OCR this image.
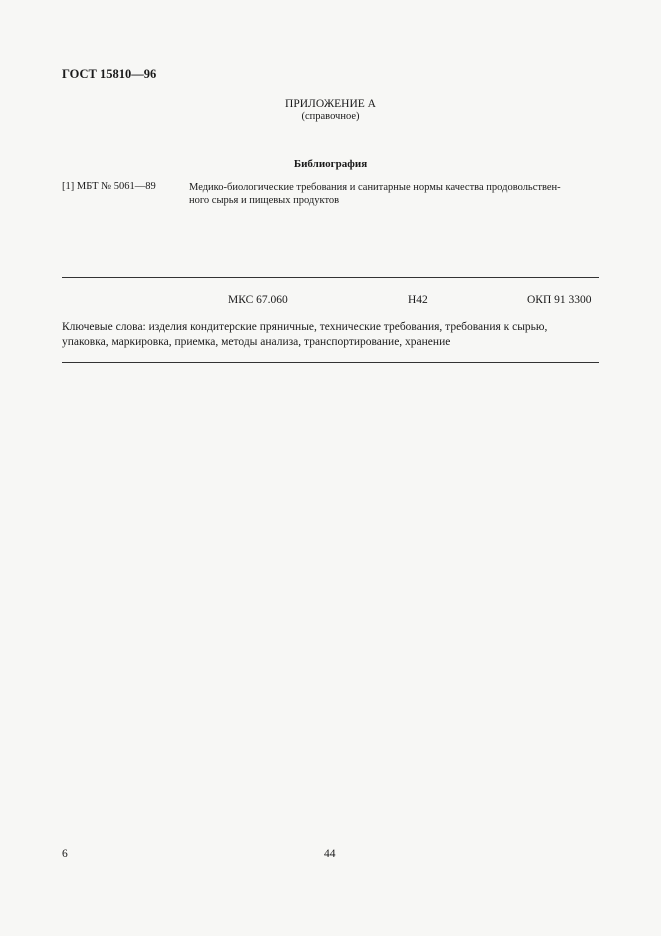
ГОСТ 15810—96
ПРИЛОЖЕНИЕ А
(справочное)
Библиография
[1] МБТ № 5061—89	Медико-биологические требования и санитарные нормы качества продовольствен-
ного сырья и пищевых продуктов
МКС 67.060	Н42	ОКП 91 3300
Ключевые слова: изделия кондитерские пряничные, технические требования, требования к сырью,
упаковка, маркировка, приемка, методы анализа, транспортирование, хранение
6	44
